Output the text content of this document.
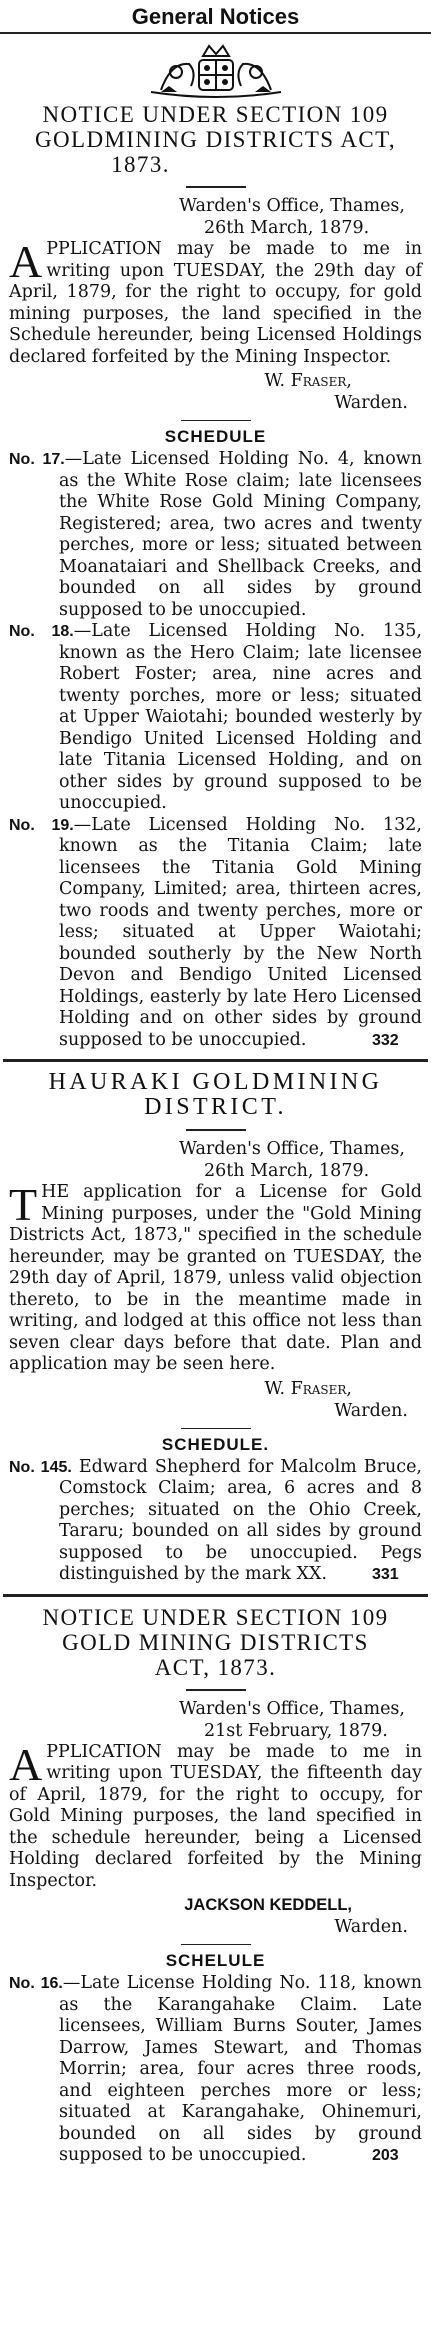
General Notices

NOTICE UNDER SECTION 109
GOLDMINING DISTRICTS ACT,

1873.

Warden's Office, Thames,
26th March, 1879.

APPLICATION may be made to me in writing upon TUESDAY, the 29th day of April, 1879, for the right to occupy, for gold mining purposes, the land specified in the Schedule hereunder, being Licensed Holdings declared forfeited by the Mining Inspector.

W. Fraser,
Warden.
SCHEDULE

No. 17.—Late Licensed Holding No. 4, known as the White Rose claim; late licensees the White Rose Gold Mining Company, Registered; area, two acres and twenty perches, more or less; situated between Moanataiari and Shellback Creeks, and bounded on all sides by ground supposed to be unoccupied.

No. 18.—Late Licensed Holding No. 135, known as the Hero Claim; late licensee Robert Foster; area, nine acres and twenty porches, more or less; situated at Upper Waiotahi; bounded westerly by Bendigo United Licensed Holding and late Titania Licensed Holding, and on other sides by ground supposed to be unoccupied.

No. 19.—Late Licensed Holding No. 132, known as the Titania Claim; late licensees the Titania Gold Mining Company, Limited; area, thirteen acres, two roods and twenty perches, more or less; situated at Upper Waiotahi; bounded southerly by the New North Devon and Bendigo United Licensed Holdings, easterly by late Hero Licensed Holding and on other sides by ground supposed to be unoccupied.	332

HAURAKI GOLDMINING
DISTRICT.

Warden's Office, Thames,
26th March, 1879.

THE application for a License for Gold Mining purposes, under the "Gold Mining Districts Act, 1873," specified in the schedule hereunder, may be granted on TUESDAY, the 29th day of April, 1879, unless valid objection thereto, to be in the meantime made in writing, and lodged at this office not less than seven clear days before that date. Plan and application may be seen here.

W. Fraser,
Warden.
SCHEDULE.

No. 145. Edward Shepherd for Malcolm Bruce, Comstock Claim; area, 6 acres and 8 perches; situated on the Ohio Creek, Tararu; bounded on all sides by ground supposed to be unoccupied. Pegs distinguished by the mark XX.	331

NOTICE UNDER SECTION 109
GOLD MINING DISTRICTS
ACT, 1873.

Warden's Office, Thames,
21st February, 1879.

APPLICATION may be made to me in writing upon TUESDAY, the fifteenth day of April, 1879, for the right to occupy, for Gold Mining purposes, the land specified in the schedule hereunder, being a Licensed Holding declared forfeited by the Mining Inspector.

JACKSON KEDDELL,
Warden.
SCHELULE

No. 16.—Late License Holding No. 118, known as the Karangahake Claim. Late licensees, William Burns Souter, James Darrow, James Stewart, and Thomas Morrin; area, four acres three roods, and eighteen perches more or less; situated at Karangahake, Ohinemuri, bounded on all sides by ground supposed to be unoccupied.	203
